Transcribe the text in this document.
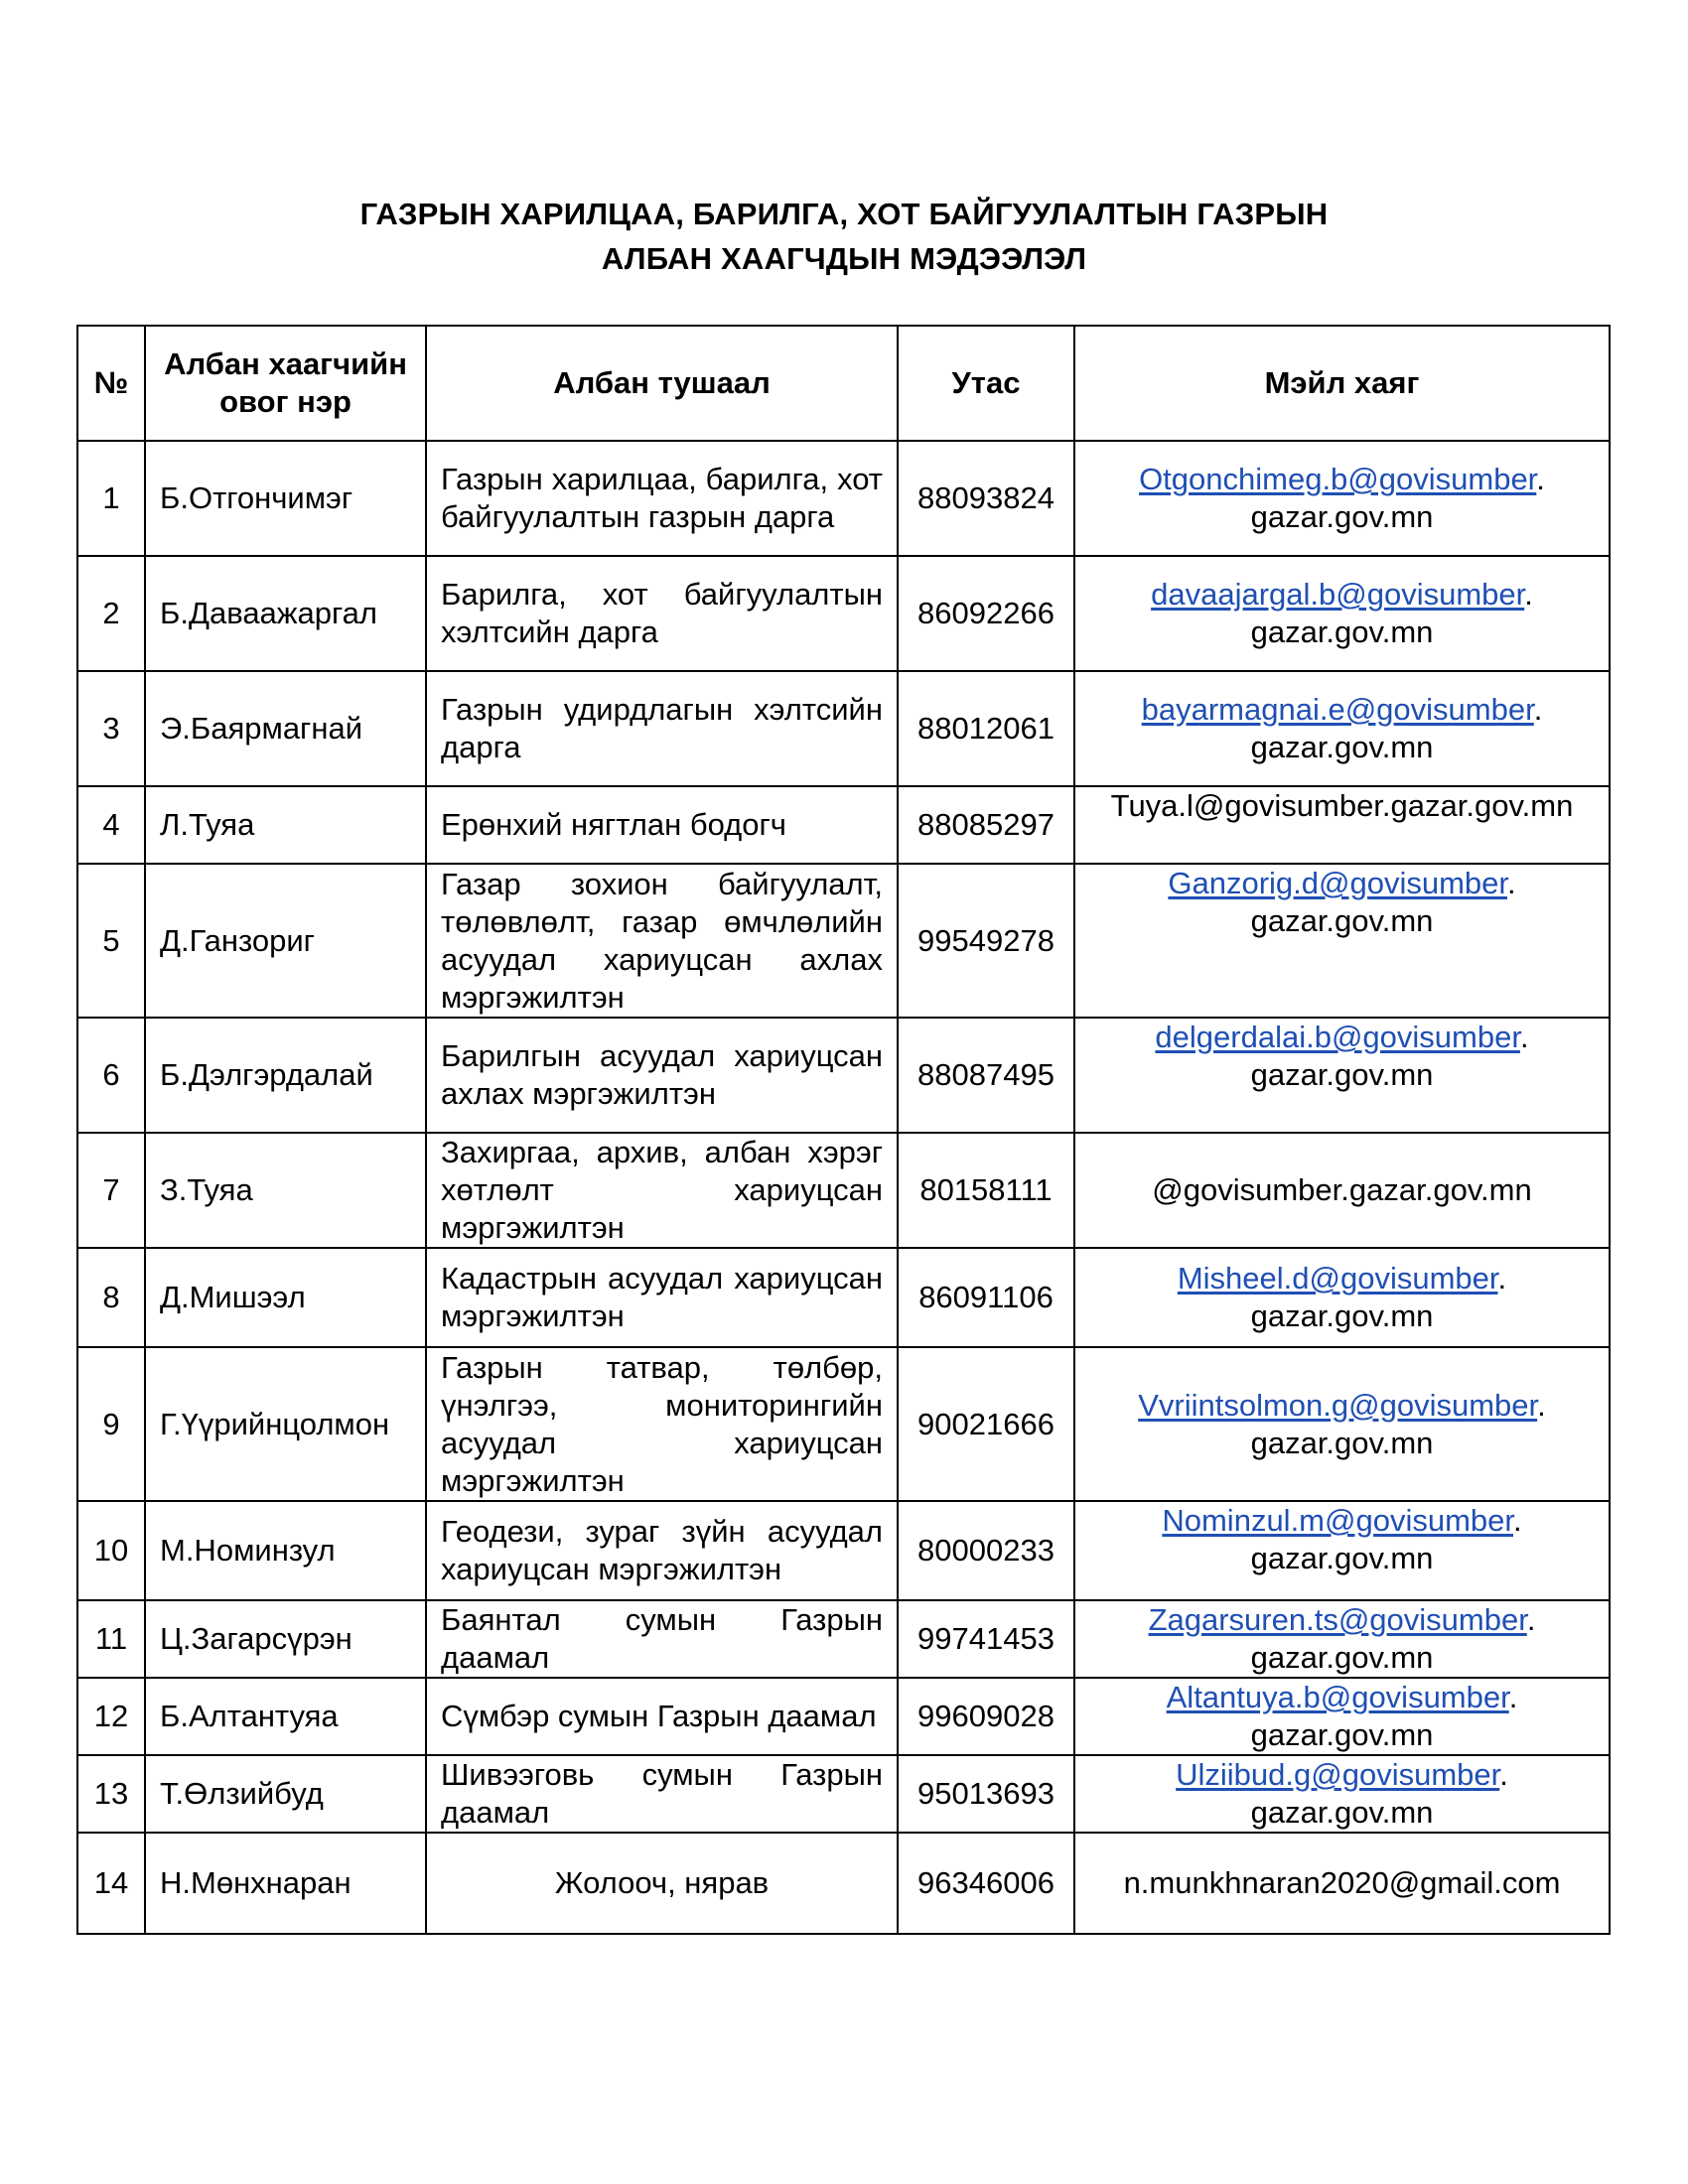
ГАЗРЫН ХАРИЛЦАА, БАРИЛГА, ХОТ БАЙГУУЛАЛТЫН ГАЗРЫН
АЛБАН ХААГЧДЫН МЭДЭЭЛЭЛ
№	Албан хаагчийн овог нэр	Албан тушаал	Утас	Мэйл хаяг
1	Б.Отгончимэг	Газрын харилцаа, барилга, хот байгуулалтын газрын дарга	88093824	Otgonchimeg.b@govisumber.
gazar.gov.mn

2	Б.Даваажаргал	Барилга, хот байгуулалтын хэлтсийн дарга	86092266	davaajargal.b@govisumber.
gazar.gov.mn

3	Э.Баярмагнай	Газрын удирдлагын хэлтсийн дарга	88012061	bayarmagnai.e@govisumber.
gazar.gov.mn

4	Л.Туяа	Ерөнхий нягтлан бодогч	88085297	Tuya.l@govisumber.gazar.gov.mn
5	Д.Ганзориг	Газар зохион байгуулалт, төлөвлөлт, газар өмчлөлийн асуудал хариуцсан ахлах мэргэжилтэн	99549278	Ganzorig.d@govisumber.
gazar.gov.mn

6	Б.Дэлгэрдалай	Барилгын асуудал хариуцсан ахлах мэргэжилтэн	88087495	delgerdalai.b@govisumber.
gazar.gov.mn

7	З.Туяа	Захиргаа, архив, албан хэрэг хөтлөлт хариуцсан мэргэжилтэн	80158111	@govisumber.gazar.gov.mn
8	Д.Мишээл	Кадастрын асуудал хариуцсан мэргэжилтэн	86091106	Misheel.d@govisumber.
gazar.gov.mn

9	Г.Үүрийнцолмон	Газрын татвар, төлбөр, үнэлгээ, мониторингийн асуудал хариуцсан мэргэжилтэн	90021666	Vvriintsolmon.g@govisumber.
gazar.gov.mn

10	М.Номинзул	Геодези, зураг зүйн асуудал хариуцсан мэргэжилтэн	80000233	Nominzul.m@govisumber.
gazar.gov.mn

11	Ц.Загарсүрэн	Баянтал сумын Газрын даамал	99741453	Zagarsuren.ts@govisumber.
gazar.gov.mn

12	Б.Алтантуяа	Сүмбэр сумын Газрын даамал	99609028	Altantuya.b@govisumber.
gazar.gov.mn

13	Т.Өлзийбуд	Шивээговь сумын Газрын даамал	95013693	Ulziibud.g@govisumber.
gazar.gov.mn

14	Н.Мөнхнаран	Жолооч, нярав	96346006	n.munkhnaran2020@gmail.com
